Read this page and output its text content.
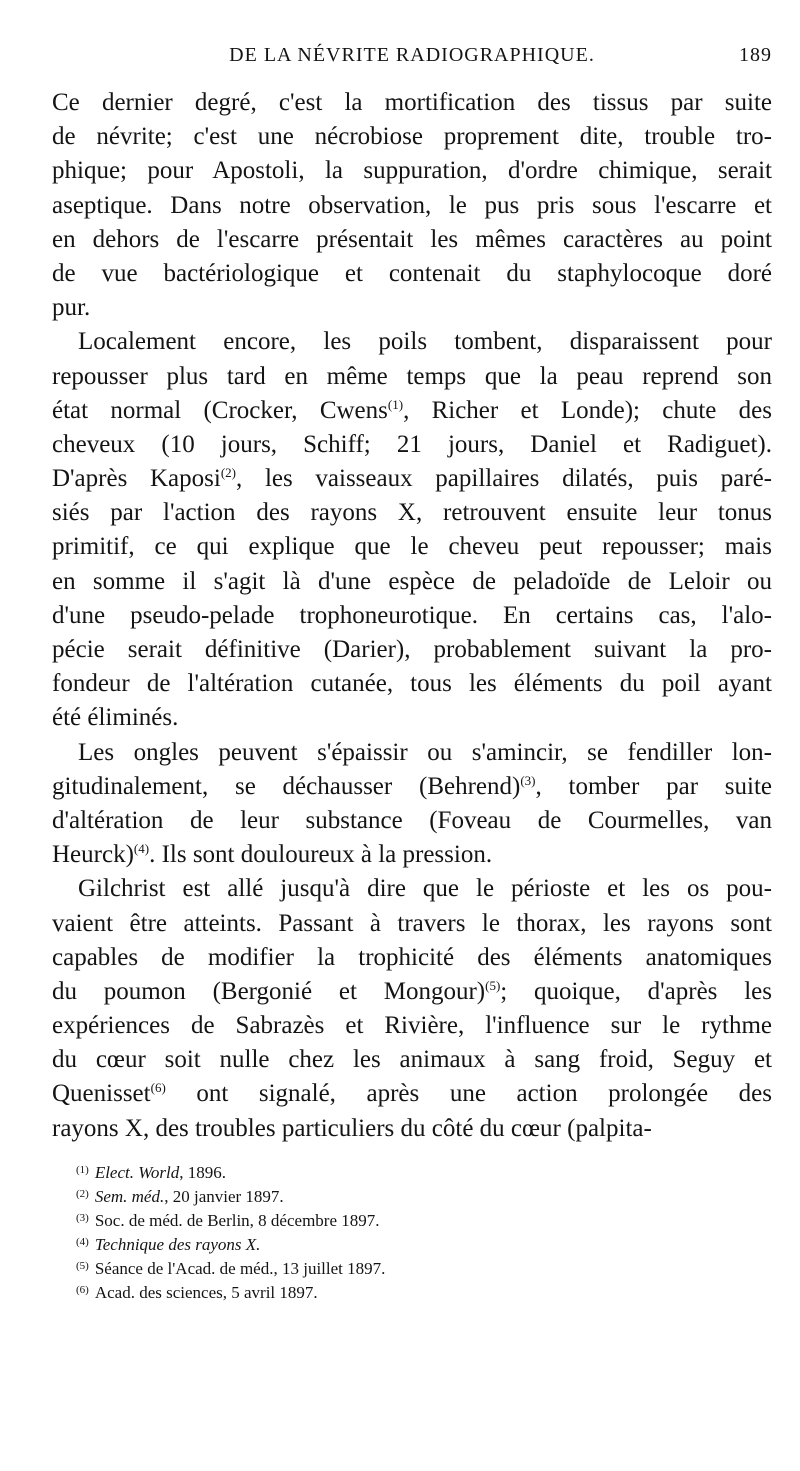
DE LA NÉVRITE RADIOGRAPHIQUE.	189
Ce dernier degré, c'est la mortification des tissus par suite
de névrite; c'est une nécrobiose proprement dite, trouble tro-
phique; pour Apostoli, la suppuration, d'ordre chimique, serait
aseptique. Dans notre observation, le pus pris sous l'escarre et
en dehors de l'escarre présentait les mêmes caractères au point
de vue bactériologique et contenait du staphylocoque doré
pur.
Localement encore, les poils tombent, disparaissent pour
repousser plus tard en même temps que la peau reprend son
état normal (Crocker, Cwens$^{(1)}$, Richer et Londe); chute des
cheveux (10 jours, Schiff; 21 jours, Daniel et Radiguet).
D'après Kaposi$^{(2)}$, les vaisseaux papillaires dilatés, puis paré-
siés par l'action des rayons X, retrouvent ensuite leur tonus
primitif, ce qui explique que le cheveu peut repousser; mais
en somme il s'agit là d'une espèce de peladoïde de Leloir ou
d'une pseudo-pelade trophoneurotique. En certains cas, l'alo-
pécie serait définitive (Darier), probablement suivant la pro-
fondeur de l'altération cutanée, tous les éléments du poil ayant
été éliminés.
Les ongles peuvent s'épaissir ou s'amincir, se fendiller lon-
gitudinalement, se déchausser (Behrend)$^{(3)}$, tomber par suite
d'altération de leur substance (Foveau de Courmelles, van
Heurck)$^{(4)}$. Ils sont douloureux à la pression.
Gilchrist est allé jusqu'à dire que le périoste et les os pou-
vaient être atteints. Passant à travers le thorax, les rayons sont
capables de modifier la trophicité des éléments anatomiques
du poumon (Bergonié et Mongour)$^{(5)}$; quoique, d'après les
expériences de Sabrazès et Rivière, l'influence sur le rythme
du cœur soit nulle chez les animaux à sang froid, Seguy et
Quenisset$^{(6)}$ ont signalé, après une action prolongée des
rayons X, des troubles particuliers du côté du cœur (palpita-
$^{(1)}$ Elect. World, 1896.
$^{(2)}$ Sem. méd., 20 janvier 1897.
$^{(3)}$ Soc. de méd. de Berlin, 8 décembre 1897.
$^{(4)}$ Technique des rayons X.
$^{(5)}$ Séance de l'Acad. de méd., 13 juillet 1897.
$^{(6)}$ Acad. des sciences, 5 avril 1897.
